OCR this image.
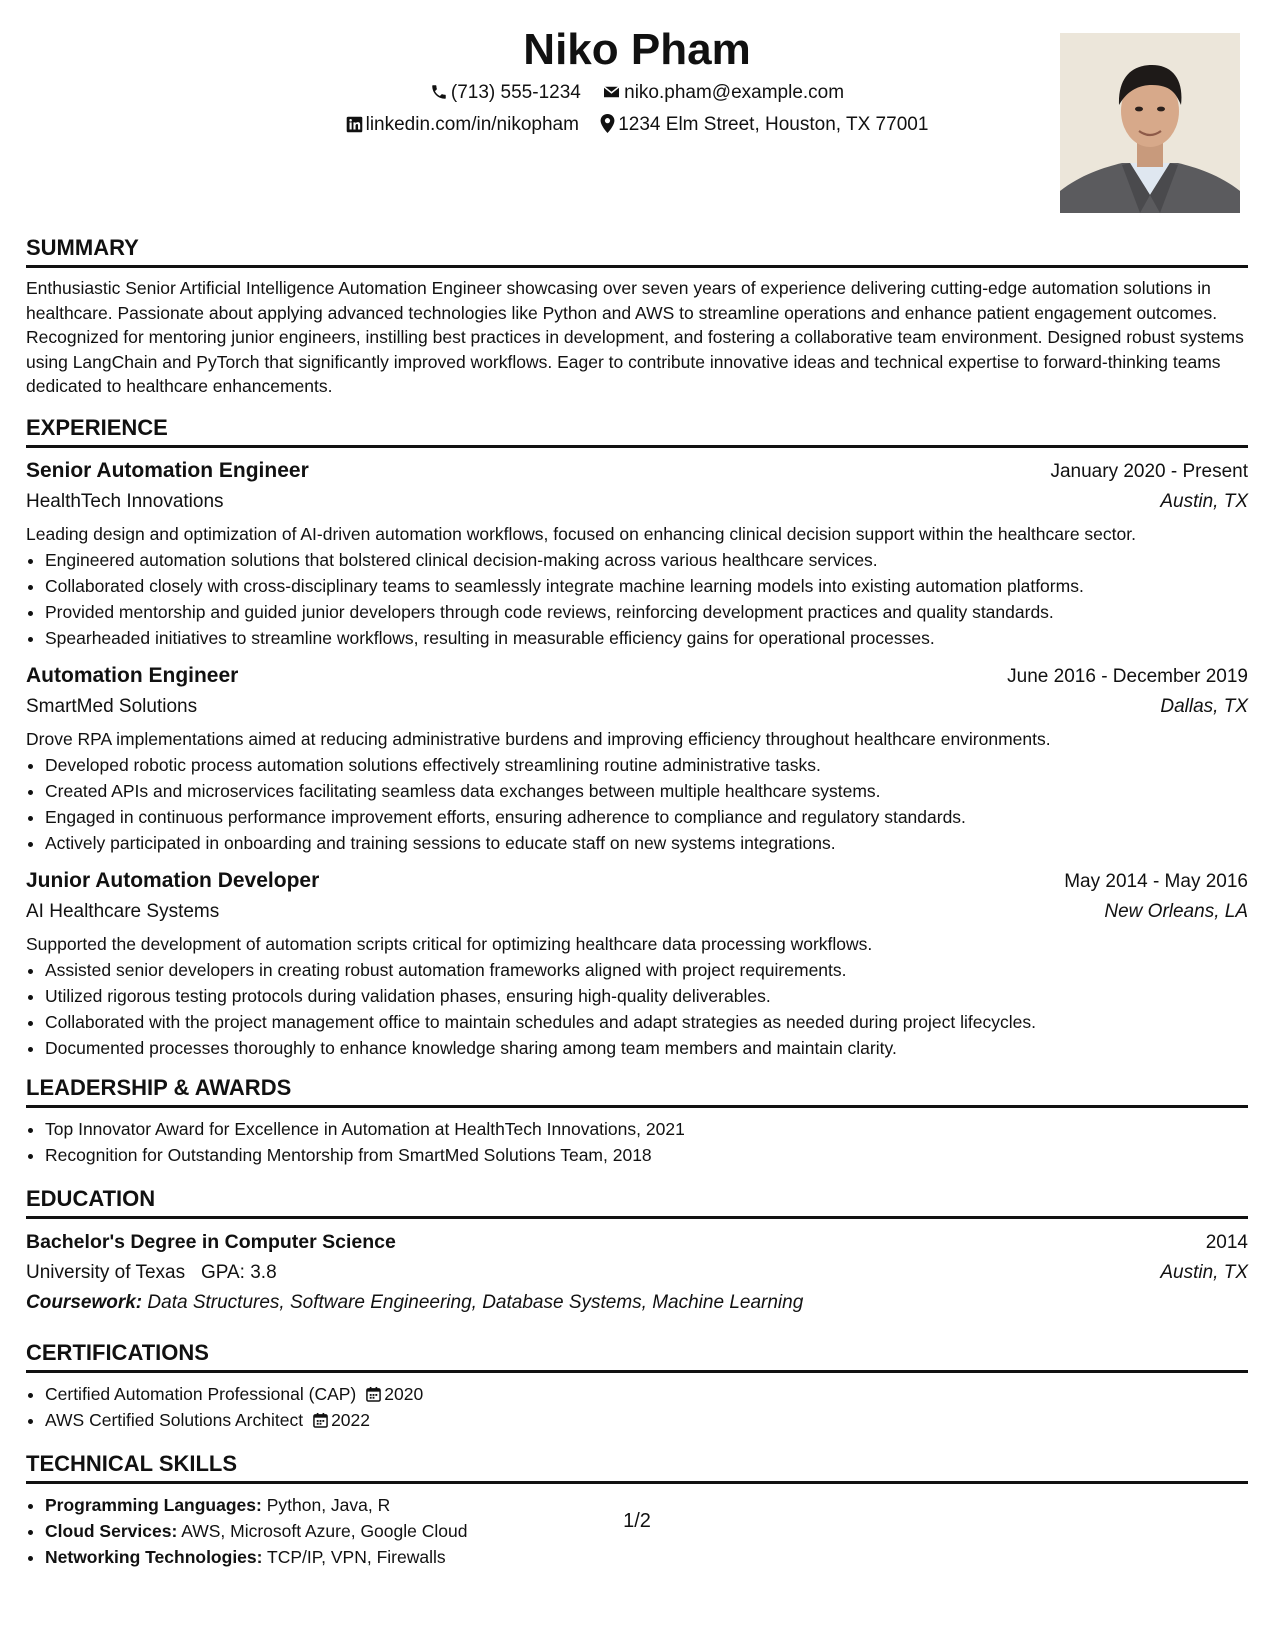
Niko Pham
(713) 555-1234 niko.pham@example.com
linkedin.com/in/nikopham 1234 Elm Street, Houston, TX 77001
SUMMARY

Enthusiastic Senior Artificial Intelligence Automation Engineer showcasing over seven years of experience delivering cutting-edge automation solutions in healthcare. Passionate about applying advanced technologies like Python and AWS to streamline operations and enhance patient engagement outcomes. Recognized for mentoring junior engineers, instilling best practices in development, and fostering a collaborative team environment. Designed robust systems using LangChain and PyTorch that significantly improved workflows. Eager to contribute innovative ideas and technical expertise to forward-thinking teams dedicated to healthcare enhancements.

EXPERIENCE
Senior Automation Engineer	January 2020 - Present
HealthTech Innovations	Austin, TX
Leading design and optimization of AI-driven automation workflows, focused on enhancing clinical decision support within the healthcare sector.
• Engineered automation solutions that bolstered clinical decision-making across various healthcare services.
• Collaborated closely with cross-disciplinary teams to seamlessly integrate machine learning models into existing automation platforms.
• Provided mentorship and guided junior developers through code reviews, reinforcing development practices and quality standards.
• Spearheaded initiatives to streamline workflows, resulting in measurable efficiency gains for operational processes.
Automation Engineer	June 2016 - December 2019
SmartMed Solutions	Dallas, TX
Drove RPA implementations aimed at reducing administrative burdens and improving efficiency throughout healthcare environments.
• Developed robotic process automation solutions effectively streamlining routine administrative tasks.
• Created APIs and microservices facilitating seamless data exchanges between multiple healthcare systems.
• Engaged in continuous performance improvement efforts, ensuring adherence to compliance and regulatory standards.
• Actively participated in onboarding and training sessions to educate staff on new systems integrations.
Junior Automation Developer	May 2014 - May 2016
AI Healthcare Systems	New Orleans, LA
Supported the development of automation scripts critical for optimizing healthcare data processing workflows.
• Assisted senior developers in creating robust automation frameworks aligned with project requirements.
• Utilized rigorous testing protocols during validation phases, ensuring high-quality deliverables.
• Collaborated with the project management office to maintain schedules and adapt strategies as needed during project lifecycles.
• Documented processes thoroughly to enhance knowledge sharing among team members and maintain clarity.
LEADERSHIP & AWARDS
• Top Innovator Award for Excellence in Automation at HealthTech Innovations, 2021
• Recognition for Outstanding Mentorship from SmartMed Solutions Team, 2018
EDUCATION
Bachelor's Degree in Computer Science	2014
University of Texas GPA: 3.8	Austin, TX
Coursework: Data Structures, Software Engineering, Database Systems, Machine Learning
CERTIFICATIONS
• Certified Automation Professional (CAP) 2020
• AWS Certified Solutions Architect 2022
TECHNICAL SKILLS
• Programming Languages: Python, Java, R
• Cloud Services: AWS, Microsoft Azure, Google Cloud
• Networking Technologies: TCP/IP, VPN, Firewalls
1/2
